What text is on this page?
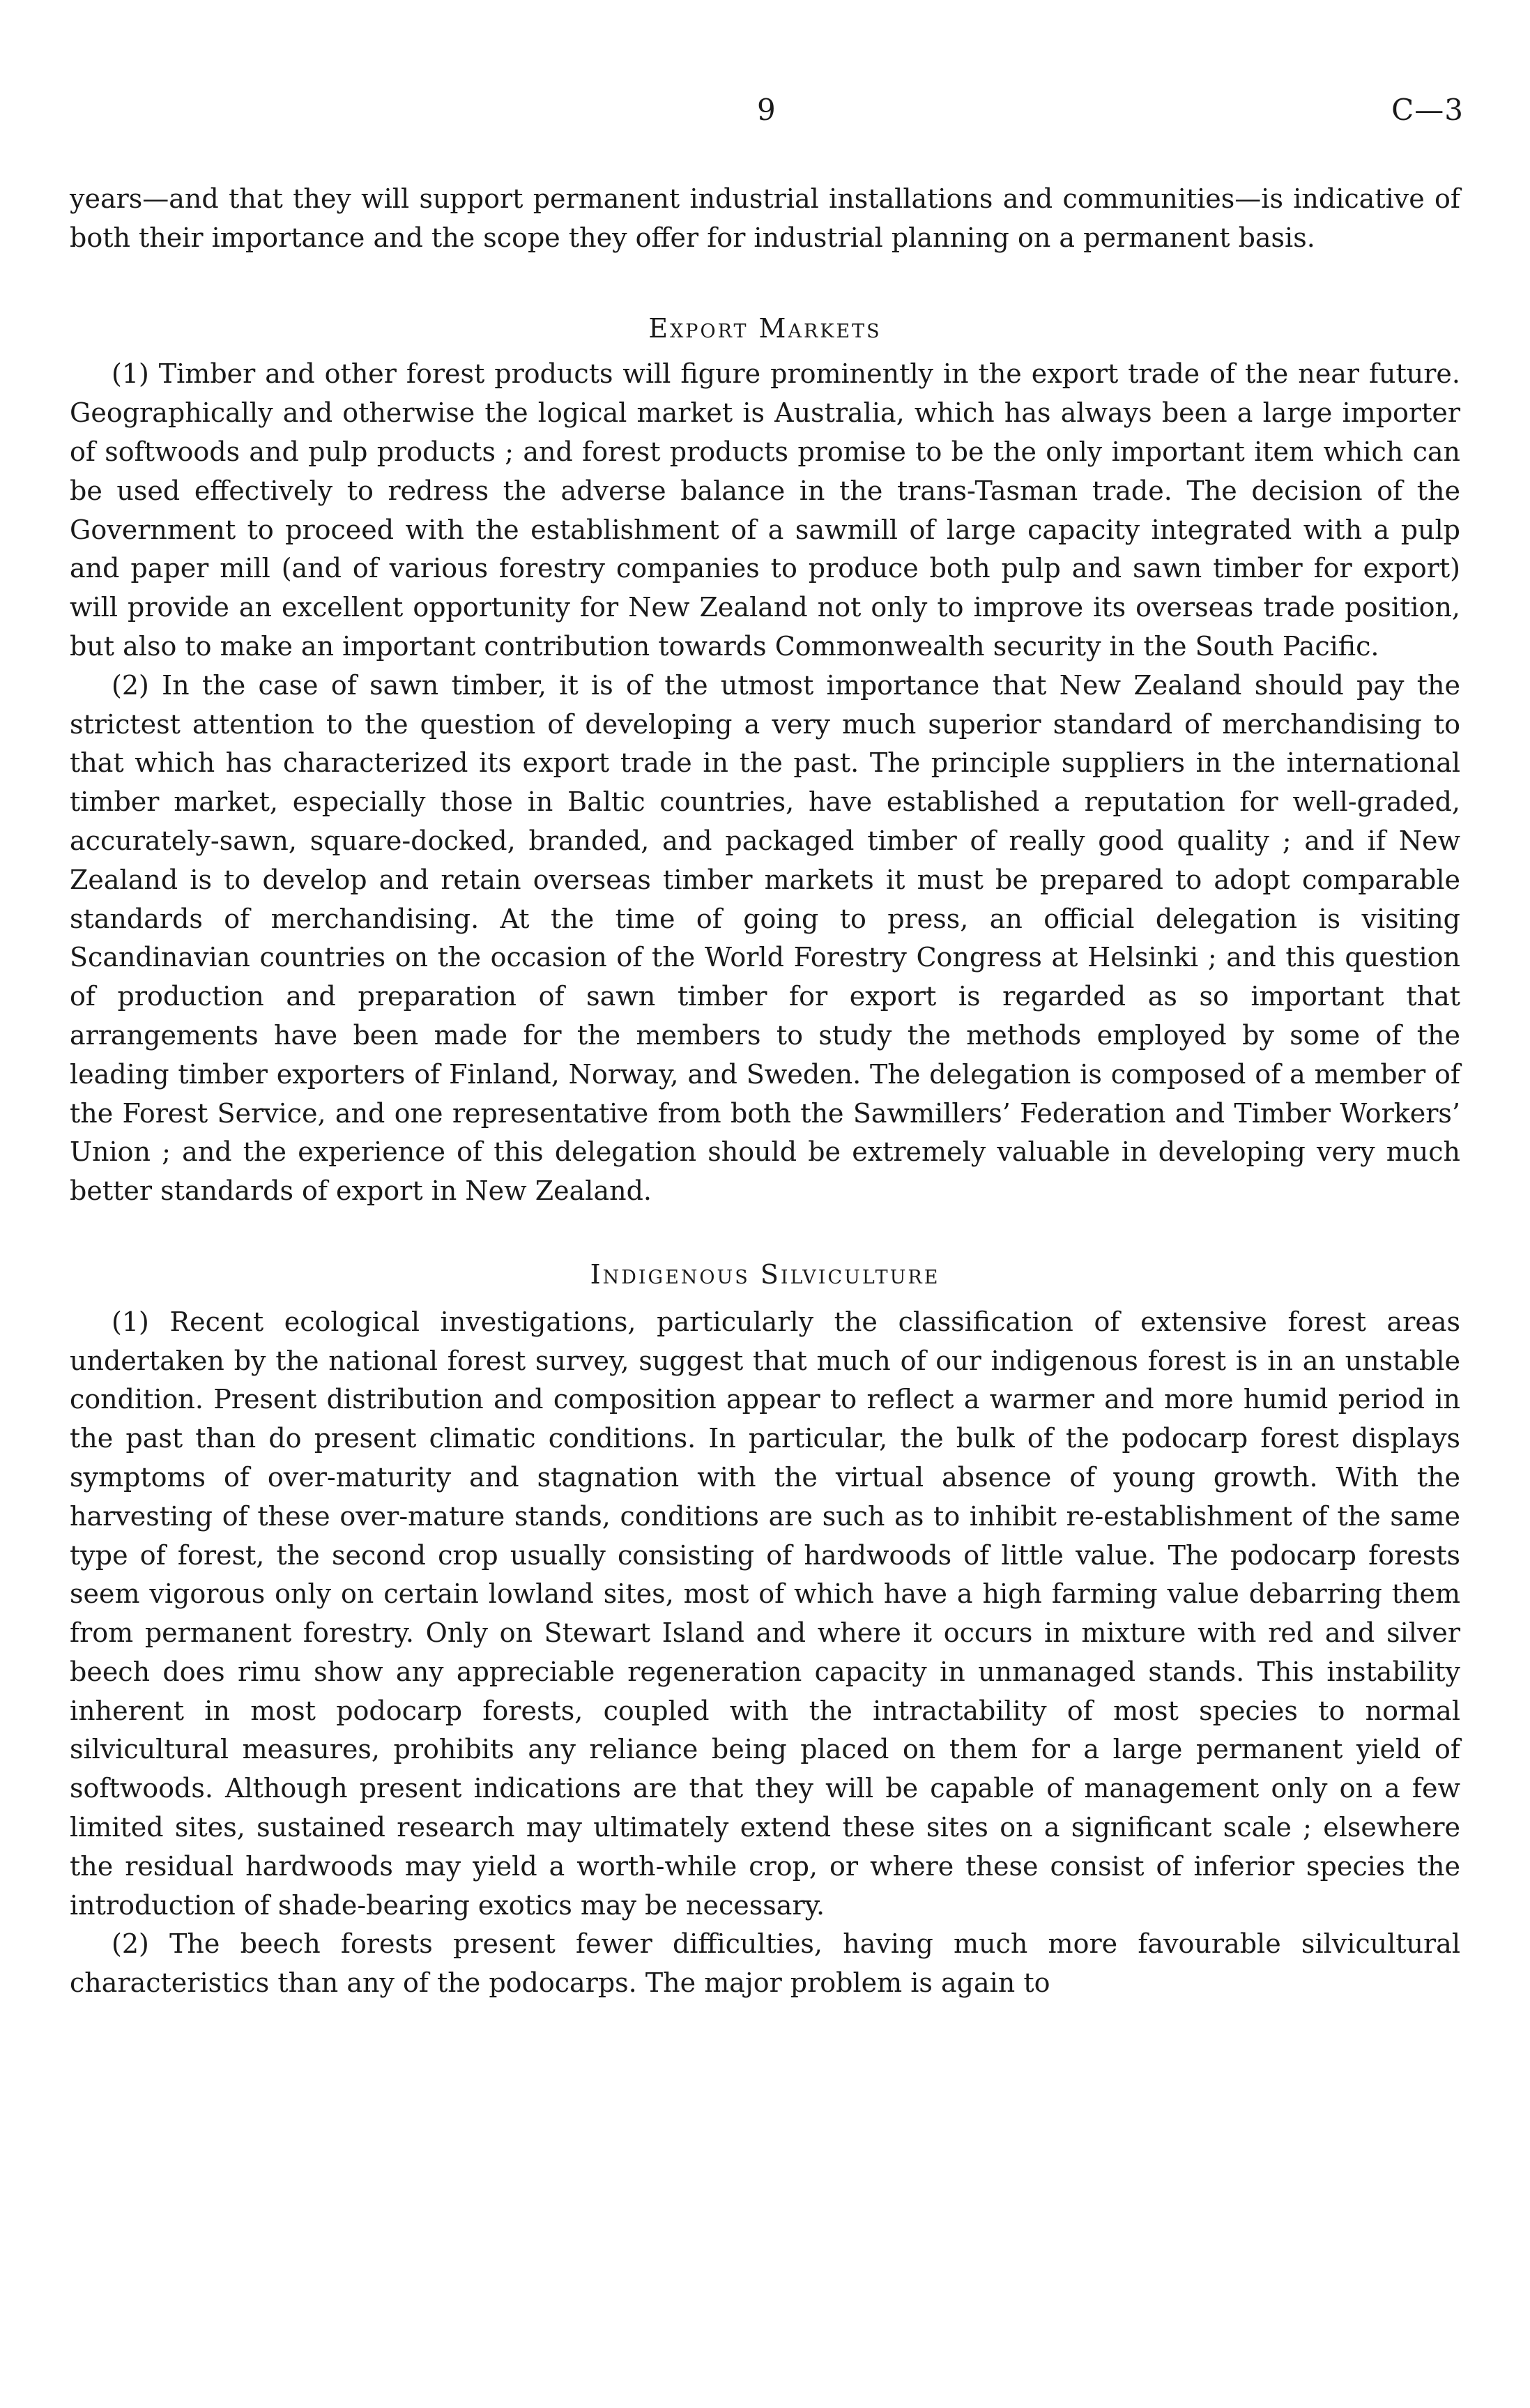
9	C—3

years—and that they will support permanent industrial installations and communities—is indicative of both their importance and the scope they offer for industrial planning on a permanent basis.

Export Markets

(1) Timber and other forest products will figure prominently in the export trade of the near future. Geographically and otherwise the logical market is Australia, which has always been a large importer of softwoods and pulp products ; and forest products promise to be the only important item which can be used effectively to redress the adverse balance in the trans-Tasman trade. The decision of the Government to proceed with the establishment of a sawmill of large capacity integrated with a pulp and paper mill (and of various forestry companies to produce both pulp and sawn timber for export) will provide an excellent opportunity for New Zealand not only to improve its overseas trade position, but also to make an important contribution towards Commonwealth security in the South Pacific.

(2) In the case of sawn timber, it is of the utmost importance that New Zealand should pay the strictest attention to the question of developing a very much superior standard of merchandising to that which has characterized its export trade in the past. The principle suppliers in the international timber market, especially those in Baltic countries, have established a reputation for well-graded, accurately-sawn, square-docked, branded, and packaged timber of really good quality ; and if New Zealand is to develop and retain overseas timber markets it must be prepared to adopt comparable standards of merchandising. At the time of going to press, an official delegation is visiting Scandinavian countries on the occasion of the World Forestry Congress at Helsinki ; and this question of production and preparation of sawn timber for export is regarded as so important that arrangements have been made for the members to study the methods employed by some of the leading timber exporters of Finland, Norway, and Sweden. The delegation is composed of a member of the Forest Service, and one representative from both the Sawmillers’ Federation and Timber Workers’ Union ; and the experience of this delegation should be extremely valuable in developing very much better standards of export in New Zealand.

Indigenous Silviculture

(1) Recent ecological investigations, particularly the classification of extensive forest areas undertaken by the national forest survey, suggest that much of our indigenous forest is in an unstable condition. Present distribution and composition appear to reflect a warmer and more humid period in the past than do present climatic conditions. In particular, the bulk of the podocarp forest displays symptoms of over-maturity and stagnation with the virtual absence of young growth. With the harvesting of these over-mature stands, conditions are such as to inhibit re-establishment of the same type of forest, the second crop usually consisting of hardwoods of little value. The podocarp forests seem vigorous only on certain lowland sites, most of which have a high farming value debarring them from permanent forestry. Only on Stewart Island and where it occurs in mixture with red and silver beech does rimu show any appreciable regeneration capacity in unmanaged stands. This instability inherent in most podocarp forests, coupled with the intractability of most species to normal silvicultural measures, prohibits any reliance being placed on them for a large permanent yield of softwoods. Although present indications are that they will be capable of management only on a few limited sites, sustained research may ultimately extend these sites on a significant scale ; elsewhere the residual hardwoods may yield a worth-while crop, or where these consist of inferior species the introduction of shade-bearing exotics may be necessary.

(2) The beech forests present fewer difficulties, having much more favourable silvicultural characteristics than any of the podocarps. The major problem is again to
